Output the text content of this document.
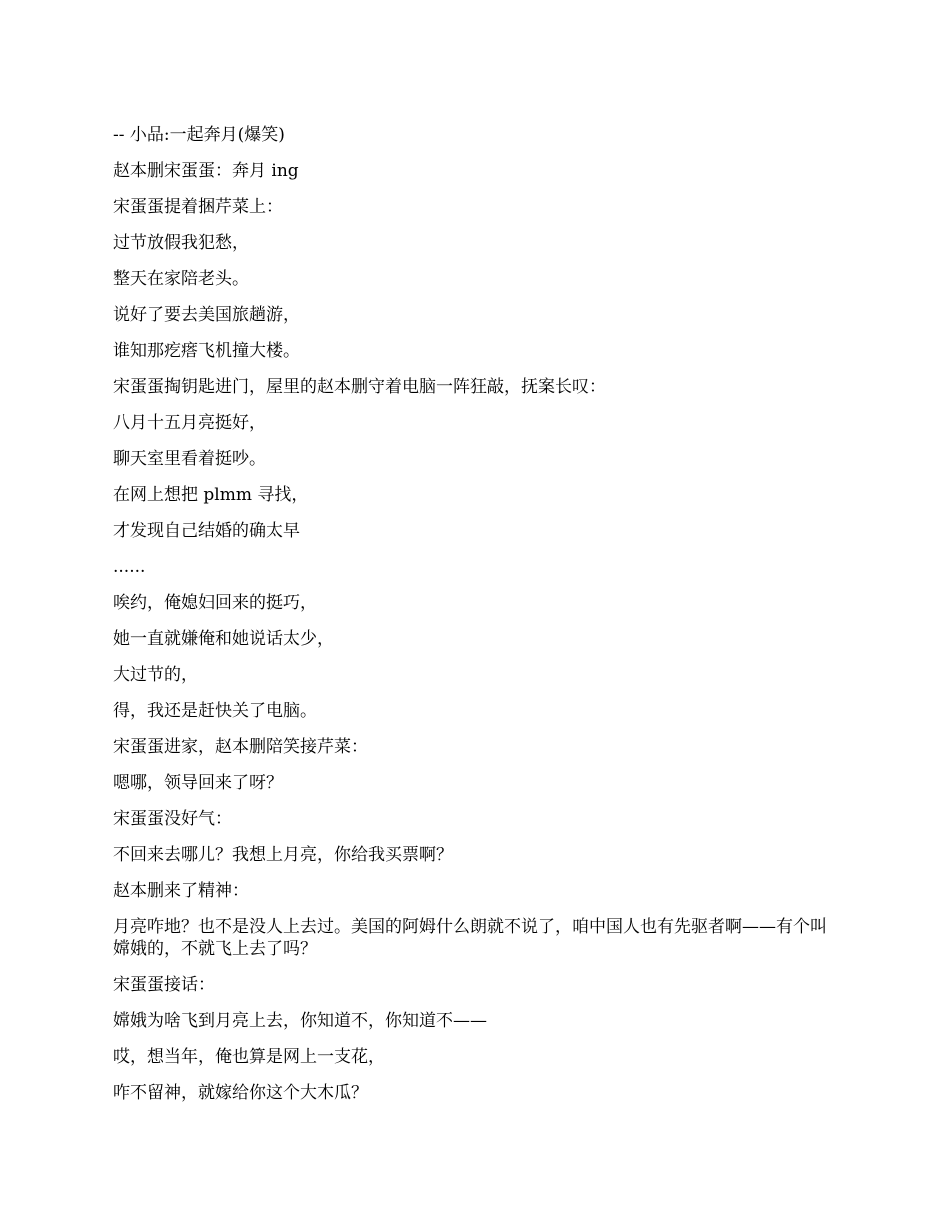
-- 小品:一起奔月(爆笑)

赵本删宋蛋蛋：奔月 ing

宋蛋蛋提着捆芹菜上：

过节放假我犯愁，

整天在家陪老头。

说好了要去美国旅趟游，

谁知那疙瘩飞机撞大楼。

宋蛋蛋掏钥匙进门，屋里的赵本删守着电脑一阵狂敲，抚案长叹：

八月十五月亮挺好，

聊天室里看着挺吵。

在网上想把 plmm 寻找，

才发现自己结婚的确太早

......

唉约，俺媳妇回来的挺巧，

她一直就嫌俺和她说话太少，

大过节的，

得，我还是赶快关了电脑。

宋蛋蛋进家，赵本删陪笑接芹菜：

嗯哪，领导回来了呀？

宋蛋蛋没好气：

不回来去哪儿？我想上月亮，你给我买票啊？

赵本删来了精神：

月亮咋地？也不是没人上去过。美国的阿姆什么朗就不说了，咱中国人也有先驱者啊——有个叫嫦娥的，不就飞上去了吗？

宋蛋蛋接话：

嫦娥为啥飞到月亮上去，你知道不，你知道不——

哎，想当年，俺也算是网上一支花，

咋不留神，就嫁给你这个大木瓜？
